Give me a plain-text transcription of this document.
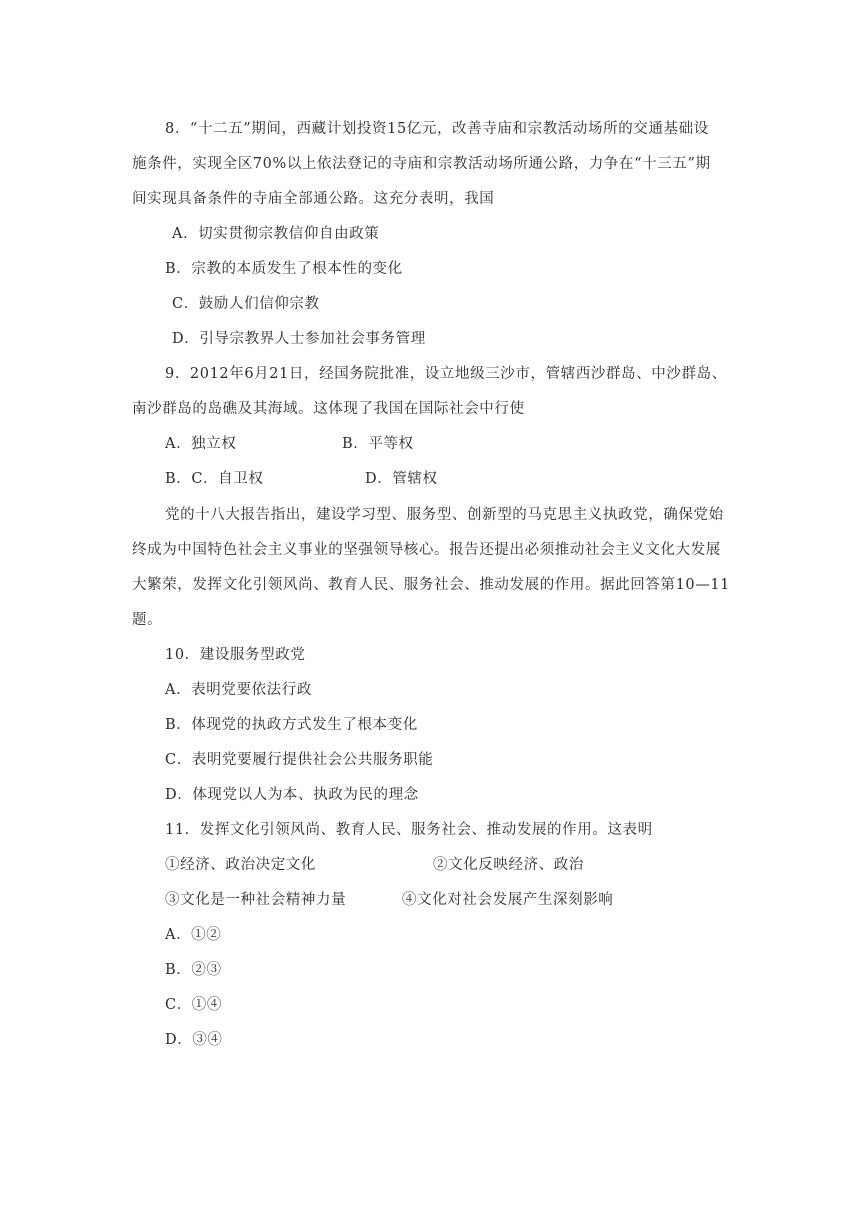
8．“十二五”期间，西藏计划投资15亿元，改善寺庙和宗教活动场所的交通基础设
施条件，实现全区70%以上依法登记的寺庙和宗教活动场所通公路，力争在“十三五”期
间实现具备条件的寺庙全部通公路。这充分表明，我国
A．切实贯彻宗教信仰自由政策
B．宗教的本质发生了根本性的变化
C．鼓励人们信仰宗教
D．引导宗教界人士参加社会事务管理
9．2012年6月21日，经国务院批准，设立地级三沙市，管辖西沙群岛、中沙群岛、
南沙群岛的岛礁及其海域。这体现了我国在国际社会中行使
A．独立权	B．平等权
B．C．自卫权	D．管辖权
党的十八大报告指出，建设学习型、服务型、创新型的马克思主义执政党，确保党始
终成为中国特色社会主义事业的坚强领导核心。报告还提出必须推动社会主义文化大发展
大繁荣，发挥文化引领风尚、教育人民、服务社会、推动发展的作用。据此回答第10—11
题。
10．建设服务型政党
A．表明党要依法行政
B．体现党的执政方式发生了根本变化
C．表明党要履行提供社会公共服务职能
D．体现党以人为本、执政为民的理念
11．发挥文化引领风尚、教育人民、服务社会、推动发展的作用。这表明
①经济、政治决定文化	②文化反映经济、政治
③文化是一种社会精神力量	④文化对社会发展产生深刻影响
A．①②
B．②③
C．①④
D．③④
